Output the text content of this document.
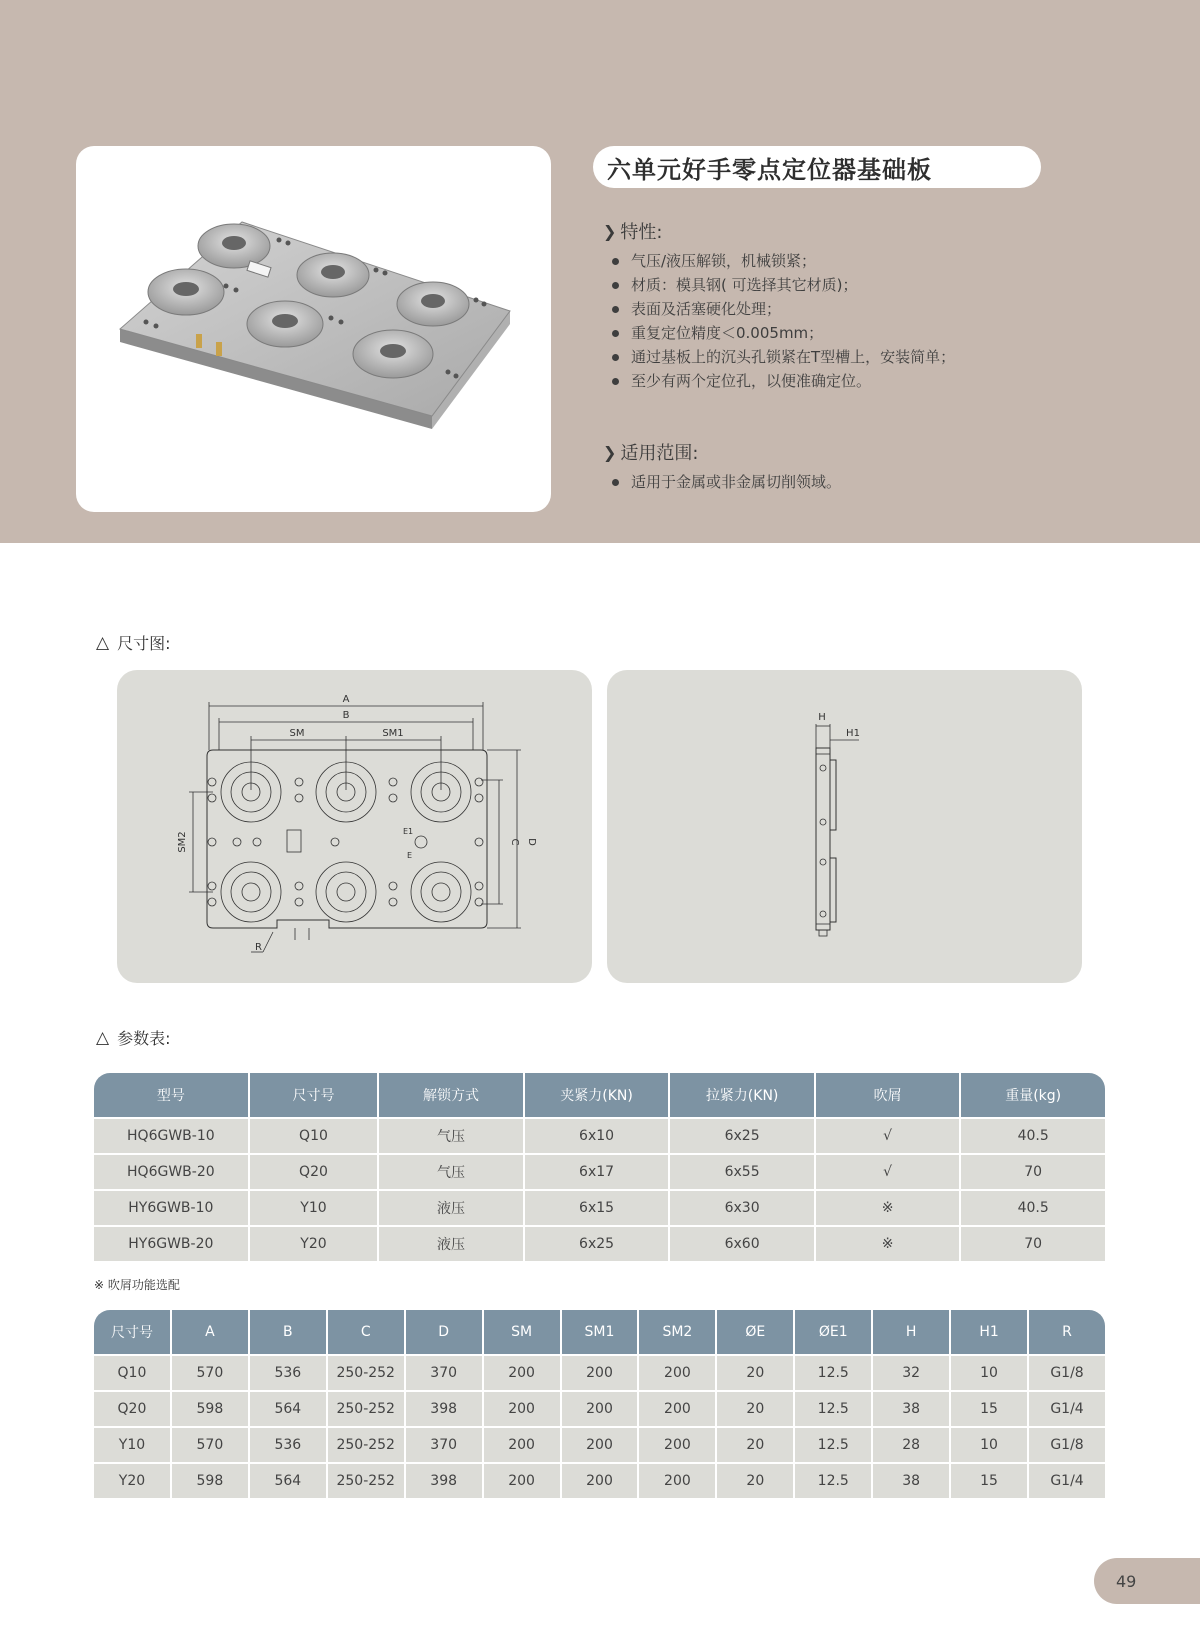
六单元好手零点定位器基础板
❯ 特性:
气压/液压解锁，机械锁紧；
材质：模具钢( 可选择其它材质)；
表面及活塞硬化处理；
重复定位精度＜0.005mm；
通过基板上的沉头孔锁紧在T型槽上，安装简单；
至少有两个定位孔，以便准确定位。
❯ 适用范围:
适用于金属或非金属切削领域。
△ 尺寸图:
A
B
SM	SM1
SM2	C D
E1
E
R
H
H1
△ 参数表:
型号	尺寸号	解锁方式	夹紧力(KN)	拉紧力(KN)	吹屑	重量(kg)
HQ6GWB-10	Q10	气压	6x10	6x25	√	40.5
HQ6GWB-20	Q20	气压	6x17	6x55	√	70
HY6GWB-10	Y10	液压	6x15	6x30	※	40.5
HY6GWB-20	Y20	液压	6x25	6x60	※	70
※ 吹屑功能选配
尺寸号	A	B	C	D	SM	SM1	SM2	ØE	ØE1	H	H1	R
Q10	570	536	250-252	370	200	200	200	20	12.5	32	10	G1/8
Q20	598	564	250-252	398	200	200	200	20	12.5	38	15	G1/4
Y10	570	536	250-252	370	200	200	200	20	12.5	28	10	G1/8
Y20	598	564	250-252	398	200	200	200	20	12.5	38	15	G1/4
49
